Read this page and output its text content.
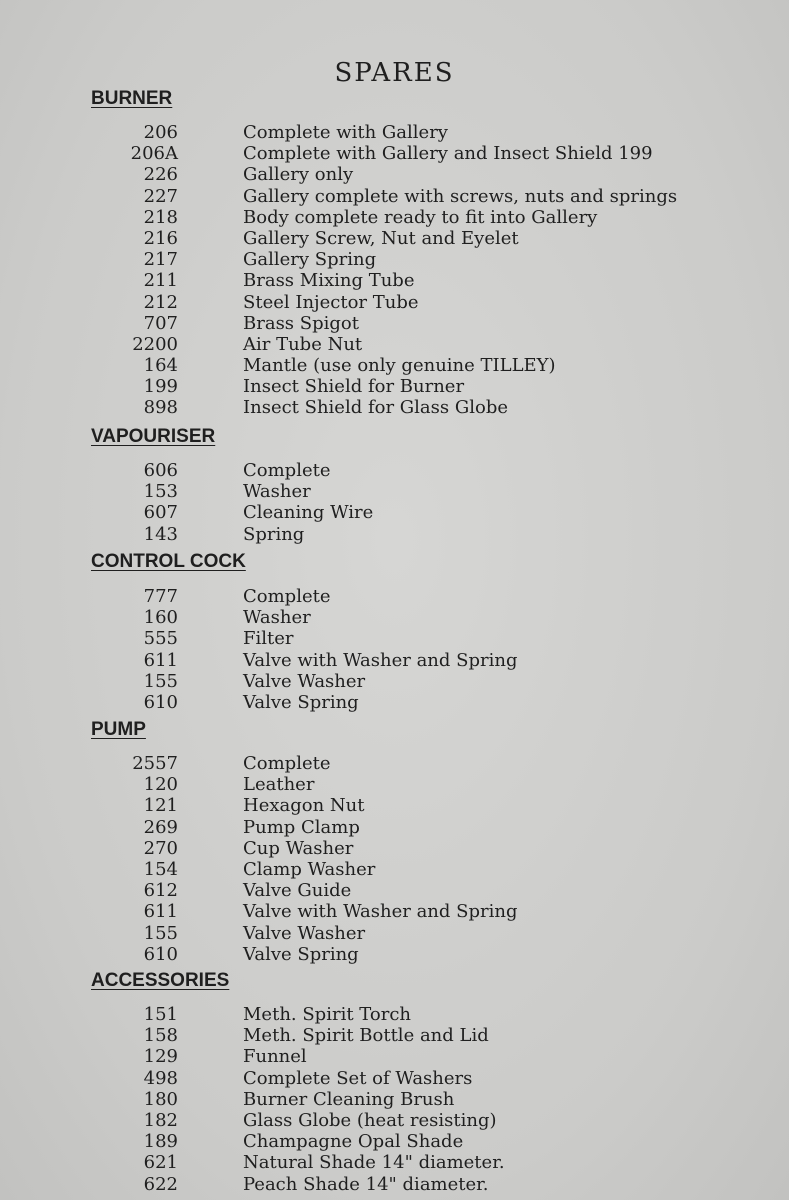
SPARES
BURNER
206	Complete with Gallery
206A	Complete with Gallery and Insect Shield 199
226	Gallery only
227	Gallery complete with screws, nuts and springs
218	Body complete ready to fit into Gallery
216	Gallery Screw, Nut and Eyelet
217	Gallery Spring
211	Brass Mixing Tube
212	Steel Injector Tube
707	Brass Spigot
2200	Air Tube Nut
164	Mantle (use only genuine TILLEY)
199	Insect Shield for Burner
898	Insect Shield for Glass Globe
VAPOURISER
606	Complete
153	Washer
607	Cleaning Wire
143	Spring
CONTROL COCK
777	Complete
160	Washer
555	Filter
611	Valve with Washer and Spring
155	Valve Washer
610	Valve Spring
PUMP
2557	Complete
120	Leather
121	Hexagon Nut
269	Pump Clamp
270	Cup Washer
154	Clamp Washer
612	Valve Guide
611	Valve with Washer and Spring
155	Valve Washer
610	Valve Spring
ACCESSORIES
151	Meth. Spirit Torch
158	Meth. Spirit Bottle and Lid
129	Funnel
498	Complete Set of Washers
180	Burner Cleaning Brush
182	Glass Globe (heat resisting)
189	Champagne Opal Shade
621	Natural Shade 14" diameter.
622	Peach Shade 14" diameter.
